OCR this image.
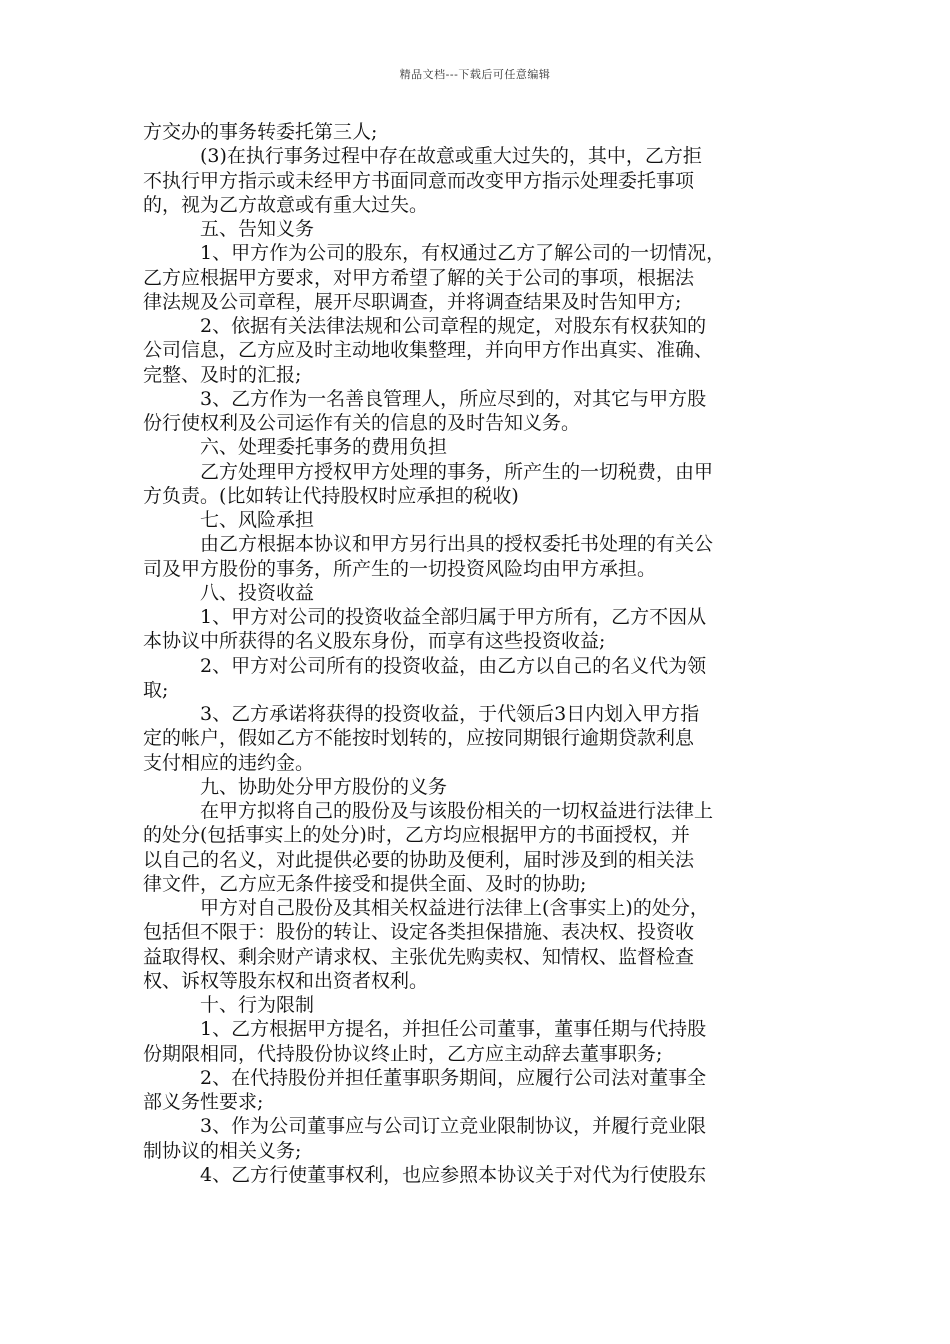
精品文档---下载后可任意编辑
方交办的事务转委托第三人;
(3)在执行事务过程中存在故意或重大过失的，其中，乙方拒
不执行甲方指示或未经甲方书面同意而改变甲方指示处理委托事项
的，视为乙方故意或有重大过失。
五、告知义务
1、甲方作为公司的股东，有权通过乙方了解公司的一切情况，
乙方应根据甲方要求，对甲方希望了解的关于公司的事项，根据法
律法规及公司章程，展开尽职调查，并将调查结果及时告知甲方;
2、依据有关法律法规和公司章程的规定，对股东有权获知的
公司信息，乙方应及时主动地收集整理，并向甲方作出真实、准确、
完整、及时的汇报;
3、乙方作为一名善良管理人，所应尽到的，对其它与甲方股
份行使权利及公司运作有关的信息的及时告知义务。
六、处理委托事务的费用负担
乙方处理甲方授权甲方处理的事务，所产生的一切税费，由甲
方负责。(比如转让代持股权时应承担的税收)
七、风险承担
由乙方根据本协议和甲方另行出具的授权委托书处理的有关公
司及甲方股份的事务，所产生的一切投资风险均由甲方承担。
八、投资收益
1、甲方对公司的投资收益全部归属于甲方所有，乙方不因从
本协议中所获得的名义股东身份，而享有这些投资收益;
2、甲方对公司所有的投资收益，由乙方以自己的名义代为领
取;
3、乙方承诺将获得的投资收益，于代领后3日内划入甲方指
定的帐户，假如乙方不能按时划转的，应按同期银行逾期贷款利息
支付相应的违约金。
九、协助处分甲方股份的义务
在甲方拟将自己的股份及与该股份相关的一切权益进行法律上
的处分(包括事实上的处分)时，乙方均应根据甲方的书面授权，并
以自己的名义，对此提供必要的协助及便利，届时涉及到的相关法
律文件，乙方应无条件接受和提供全面、及时的协助;
甲方对自己股份及其相关权益进行法律上(含事实上)的处分，
包括但不限于：股份的转让、设定各类担保措施、表决权、投资收
益取得权、剩余财产请求权、主张优先购卖权、知情权、监督检查
权、诉权等股东权和出资者权利。
十、行为限制
1、乙方根据甲方提名，并担任公司董事，董事任期与代持股
份期限相同，代持股份协议终止时，乙方应主动辞去董事职务;
2、在代持股份并担任董事职务期间，应履行公司法对董事全
部义务性要求;
3、作为公司董事应与公司订立竞业限制协议，并履行竞业限
制协议的相关义务;
4、乙方行使董事权利，也应参照本协议关于对代为行使股东
